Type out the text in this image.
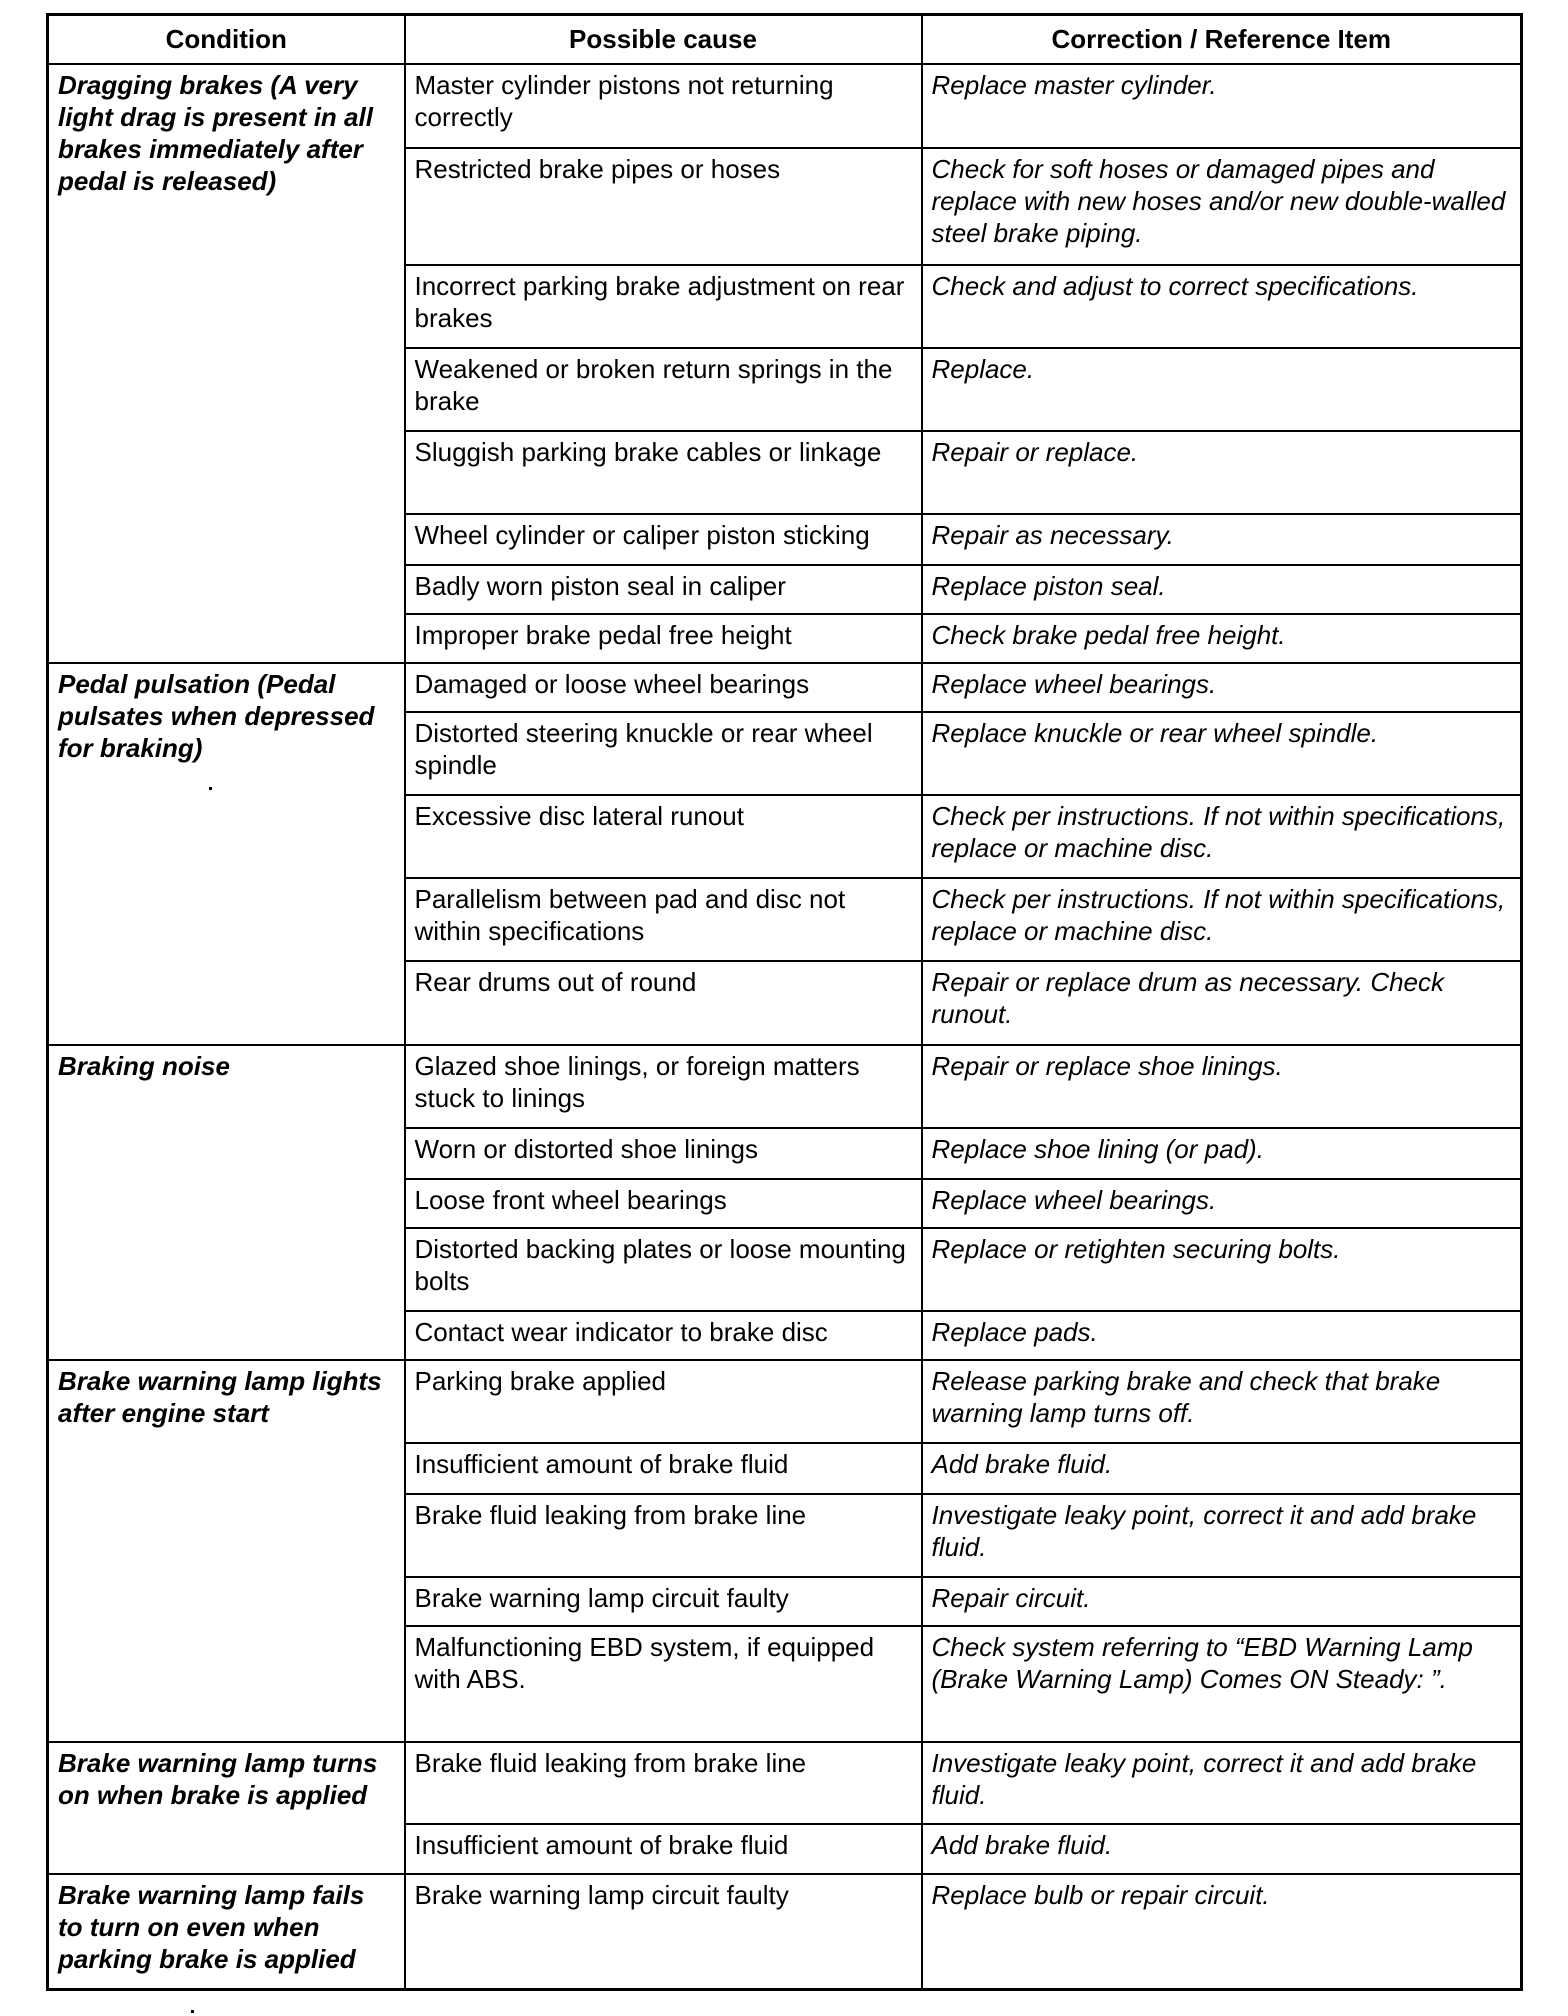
Condition	Possible cause	Correction / Reference Item
Dragging brakes (A very light drag is present in all brakes immediately after pedal is released)	Master cylinder pistons not returning correctly	Replace master cylinder.
	Restricted brake pipes or hoses	Check for soft hoses or damaged pipes and replace with new hoses and/or new double-walled steel brake piping.
	Incorrect parking brake adjustment on rear brakes	Check and adjust to correct specifications.
	Weakened or broken return springs in the brake	Replace.
	Sluggish parking brake cables or linkage	Repair or replace.
	Wheel cylinder or caliper piston sticking	Repair as necessary.
	Badly worn piston seal in caliper	Replace piston seal.
	Improper brake pedal free height	Check brake pedal free height.
Pedal pulsation (Pedal pulsates when depressed for braking)	Damaged or loose wheel bearings	Replace wheel bearings.
	Distorted steering knuckle or rear wheel spindle	Replace knuckle or rear wheel spindle.
	Excessive disc lateral runout	Check per instructions. If not within specifications, replace or machine disc.
	Parallelism between pad and disc not within specifications	Check per instructions. If not within specifications, replace or machine disc.
	Rear drums out of round	Repair or replace drum as necessary. Check runout.
Braking noise	Glazed shoe linings, or foreign matters stuck to linings	Repair or replace shoe linings.
	Worn or distorted shoe linings	Replace shoe lining (or pad).
	Loose front wheel bearings	Replace wheel bearings.
	Distorted backing plates or loose mounting bolts	Replace or retighten securing bolts.
	Contact wear indicator to brake disc	Replace pads.
Brake warning lamp lights after engine start	Parking brake applied	Release parking brake and check that brake warning lamp turns off.
	Insufficient amount of brake fluid	Add brake fluid.
	Brake fluid leaking from brake line	Investigate leaky point, correct it and add brake fluid.
	Brake warning lamp circuit faulty	Repair circuit.
	Malfunctioning EBD system, if equipped with ABS.	Check system referring to “EBD Warning Lamp (Brake Warning Lamp) Comes ON Steady: ”.
Brake warning lamp turns on when brake is applied	Brake fluid leaking from brake line	Investigate leaky point, correct it and add brake fluid.
	Insufficient amount of brake fluid	Add brake fluid.
Brake warning lamp fails to turn on even when parking brake is applied	Brake warning lamp circuit faulty	Replace bulb or repair circuit.
